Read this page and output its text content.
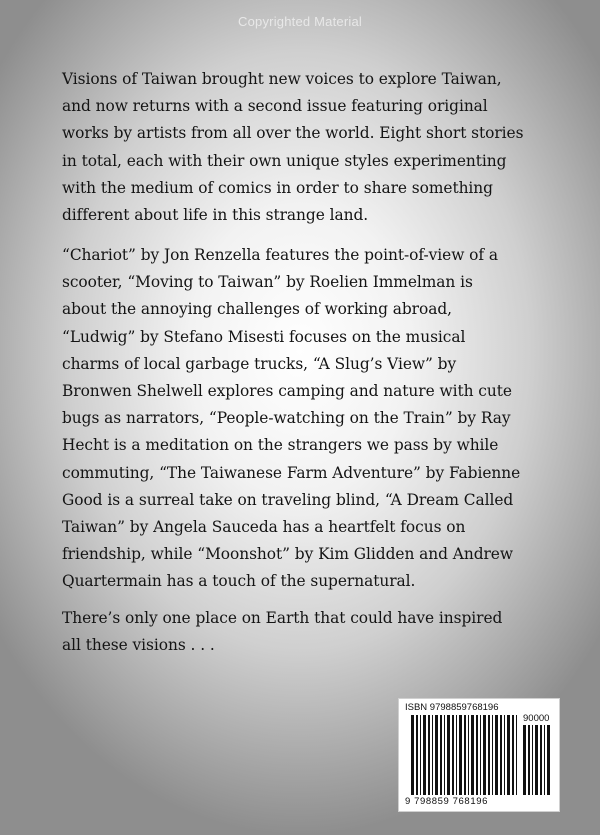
Copyrighted Material

Visions of Taiwan brought new voices to explore Taiwan,
and now returns with a second issue featuring original
works by artists from all over the world. Eight short stories
in total, each with their own unique styles experimenting
with the medium of comics in order to share something
different about life in this strange land.

“Chariot” by Jon Renzella features the point-of-view of a
scooter, “Moving to Taiwan” by Roelien Immelman is
about the annoying challenges of working abroad,
“Ludwig” by Stefano Misesti focuses on the musical
charms of local garbage trucks, “A Slug’s View” by
Bronwen Shelwell explores camping and nature with cute
bugs as narrators, “People-watching on the Train” by Ray
Hecht is a meditation on the strangers we pass by while
commuting, “The Taiwanese Farm Adventure” by Fabienne
Good is a surreal take on traveling blind, “A Dream Called
Taiwan” by Angela Sauceda has a heartfelt focus on
friendship, while “Moonshot” by Kim Glidden and Andrew
Quartermain has a touch of the supernatural.

There’s only one place on Earth that could have inspired
all these visions . . .

ISBN 9798859768196
90000
9 798859 768196
